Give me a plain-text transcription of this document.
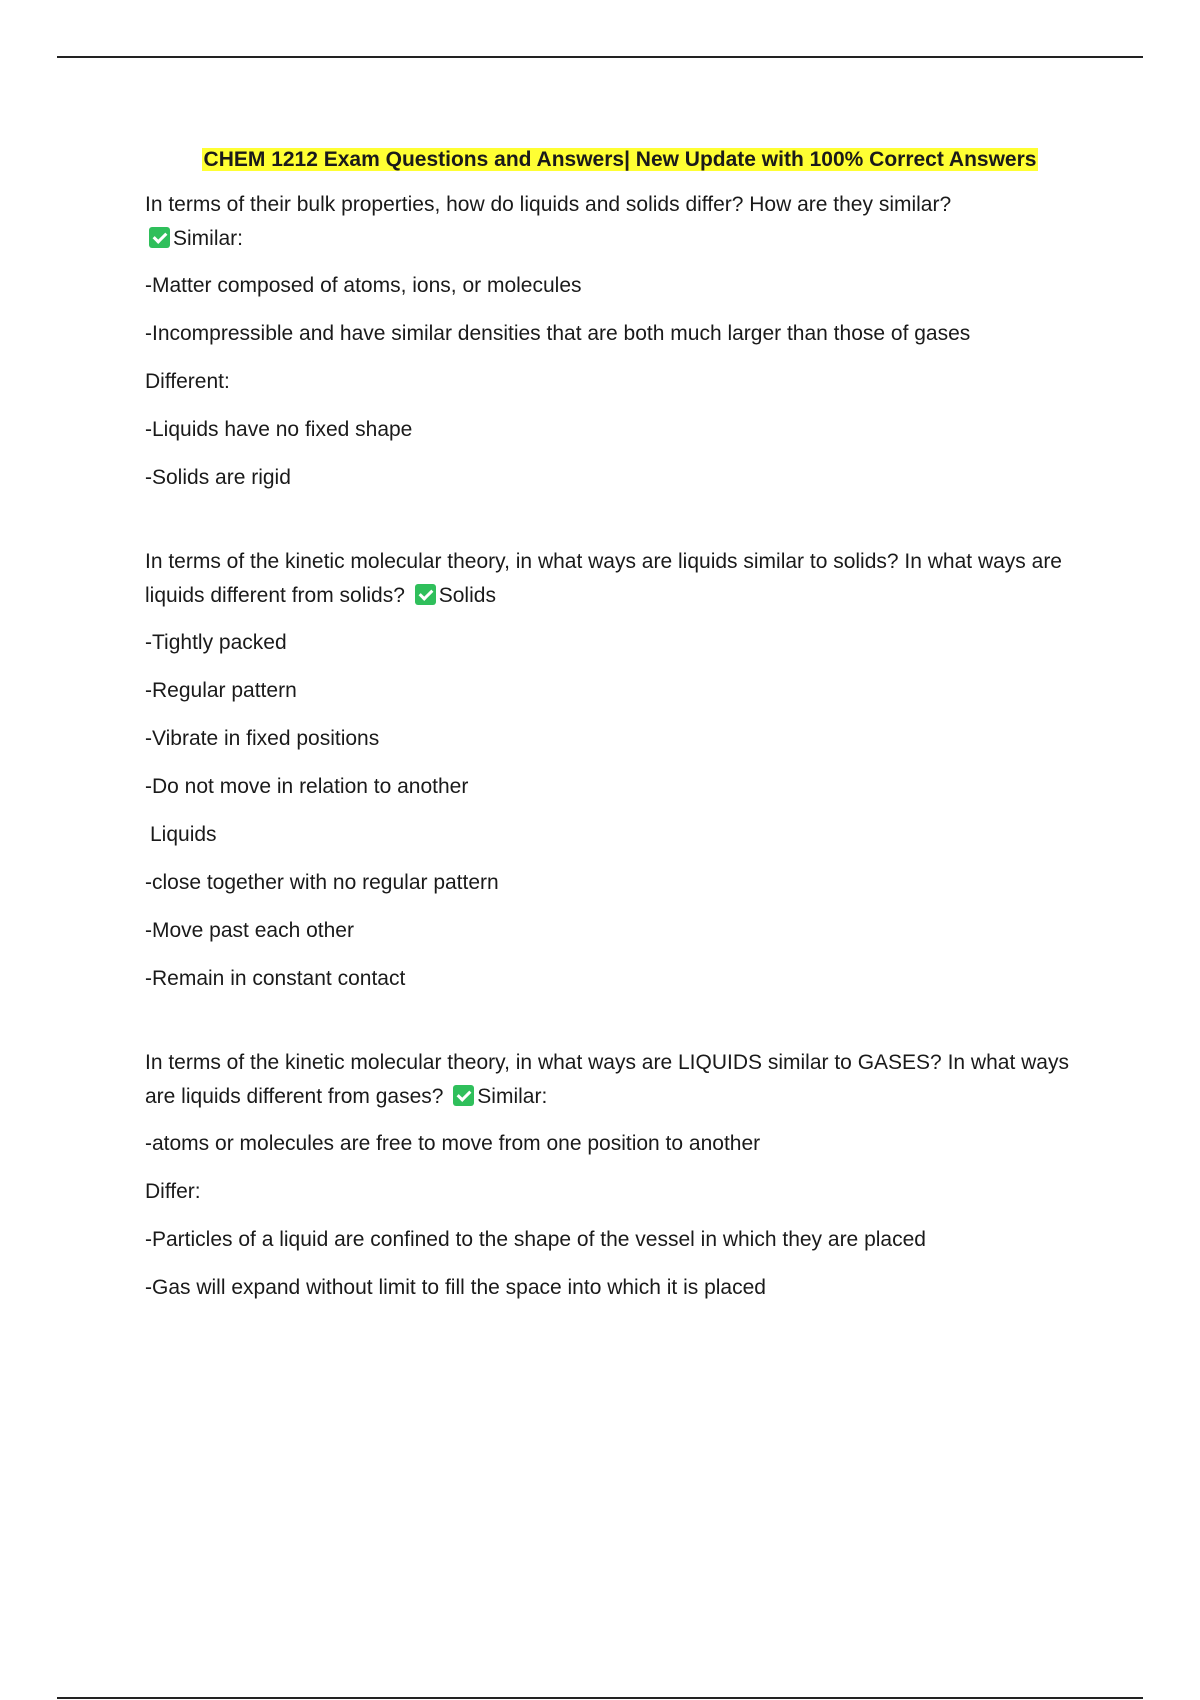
CHEM 1212 Exam Questions and Answers| New Update with 100% Correct Answers

In terms of their bulk properties, how do liquids and solids differ? How are they similar?
Similar:

-Matter composed of atoms, ions, or molecules
-Incompressible and have similar densities that are both much larger than those of gases
Different:
-Liquids have no fixed shape
-Solids are rigid

In terms of the kinetic molecular theory, in what ways are liquids similar to solids? In what ways are liquids different from solids? Solids

-Tightly packed
-Regular pattern
-Vibrate in fixed positions
-Do not move in relation to another
Liquids
-close together with no regular pattern
-Move past each other
-Remain in constant contact

In terms of the kinetic molecular theory, in what ways are LIQUIDS similar to GASES? In what ways are liquids different from gases? Similar:

-atoms or molecules are free to move from one position to another
Differ:
-Particles of a liquid are confined to the shape of the vessel in which they are placed
-Gas will expand without limit to fill the space into which it is placed
